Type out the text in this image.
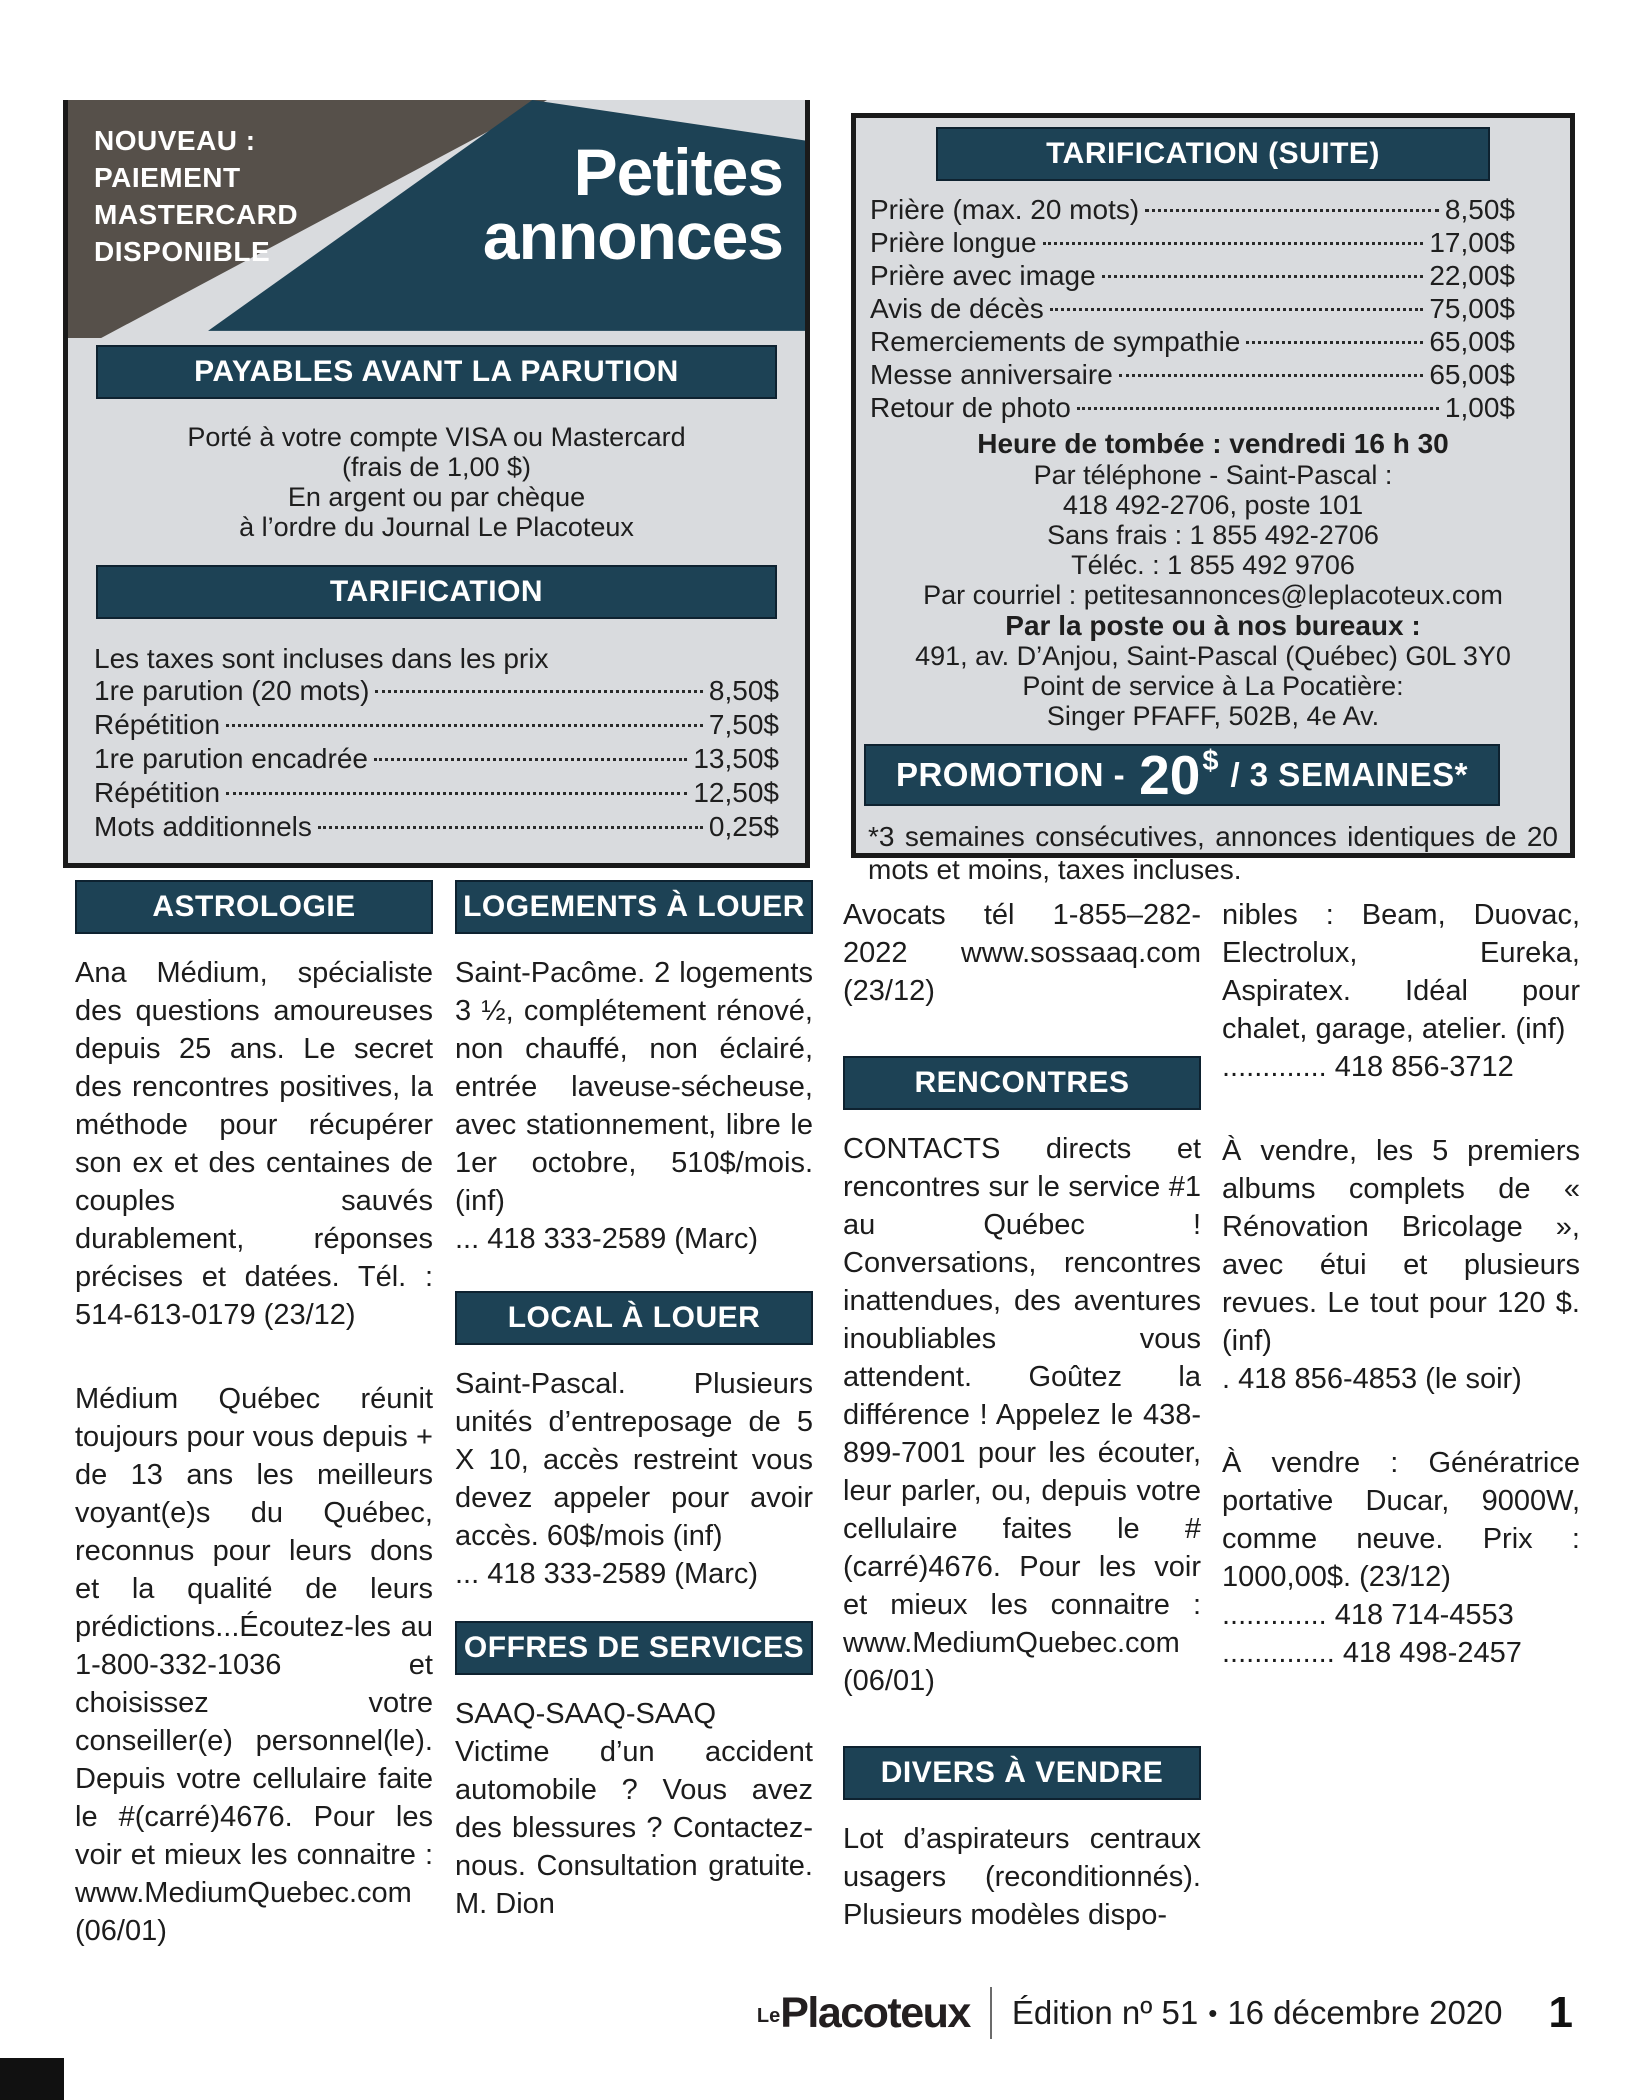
NOUVEAU :
PAIEMENT
MASTERCARD
DISPONIBLE
Petites
annonces
PAYABLES AVANT LA PARUTION
Porté à votre compte VISA ou Mastercard
(frais de 1,00 $)
En argent ou par chèque
à l’ordre du Journal Le Placoteux
TARIFICATION
Les taxes sont incluses dans les prix
1re parution (20 mots)	8,50$
Répétition	7,50$
1re parution encadrée	13,50$
Répétition	12,50$
Mots additionnels	0,25$
TARIFICATION (SUITE)
Prière (max. 20 mots)	8,50$
Prière longue	17,00$
Prière avec image	22,00$
Avis de décès	75,00$
Remerciements de sympathie	65,00$
Messe anniversaire	65,00$
Retour de photo	1,00$
Heure de tombée : vendredi 16 h 30
Par téléphone - Saint-Pascal :
418 492-2706, poste 101
Sans frais : 1 855 492-2706
Téléc. : 1 855 492 9706
Par courriel : petitesannonces@leplacoteux.com
Par la poste ou à nos bureaux :
491, av. D’Anjou, Saint-Pascal (Québec) G0L 3Y0
Point de service à La Pocatière:
Singer PFAFF, 502B, 4e Av.
PROMOTION - 20 $ / 3 SEMAINES*
*3 semaines consécutives, annonces identiques de 20 mots et moins, taxes incluses.
ASTROLOGIE
Ana Médium, spécialiste des questions amoureuses depuis 25 ans. Le secret des rencontres positives, la méthode pour récupérer son ex et des centaines de couples sauvés durablement, réponses précises et datées. Tél. : 514-613-0179 (23/12)
Médium Québec réunit toujours pour vous depuis + de 13 ans les meilleurs voyant(e)s du Québec, reconnus pour leurs dons et la qualité de leurs prédictions...Écoutez-les au 1-800-332-1036 et choisissez votre conseiller(e) personnel(le). Depuis votre cellulaire faite le #(carré)4676. Pour les voir et mieux les connaitre : www.MediumQuebec.com (06/01)
LOGEMENTS À LOUER
Saint-Pacôme. 2 logements 3 ½, complétement rénové, non chauffé, non éclairé, entrée laveuse-sécheuse, avec stationnement, libre le 1er octobre, 510$/mois. (inf)
... 418 333-2589 (Marc)
LOCAL À LOUER
Saint-Pascal. Plusieurs unités d’entreposage de 5 X 10, accès restreint vous devez appeler pour avoir accès. 60$/mois (inf)
... 418 333-2589 (Marc)
OFFRES DE SERVICES
SAAQ-SAAQ-SAAQ Victime d’un accident automobile ? Vous avez des blessures ? Contactez-nous. Consultation gratuite. M. Dion
Avocats tél 1-855–282-2022 www.sossaaq.com (23/12)
RENCONTRES
CONTACTS directs et rencontres sur le service #1 au Québec ! Conversations, rencontres inattendues, des aventures inoubliables vous attendent. Goûtez la différence ! Appelez le 438-899-7001 pour les écouter, leur parler, ou, depuis votre cellulaire faites le #(carré)4676. Pour les voir et mieux les connaitre : www.MediumQuebec.com (06/01)
DIVERS À VENDRE
Lot d’aspirateurs centraux usagers (reconditionnés). Plusieurs modèles dispo-
nibles : Beam, Duovac, Electrolux, Eureka, Aspiratex. Idéal pour chalet, garage, atelier. (inf)
............. 418 856-3712
À vendre, les 5 premiers albums complets de « Rénovation Bricolage », avec étui et plusieurs revues. Le tout pour 120 $. (inf)
. 418 856-4853 (le soir)
À vendre : Génératrice portative Ducar, 9000W, comme neuve. Prix : 1000,00$. (23/12)
............. 418 714-4553
.............. 418 498-2457
Le Placoteux Édition nº 51 • 16 décembre 2020 1
